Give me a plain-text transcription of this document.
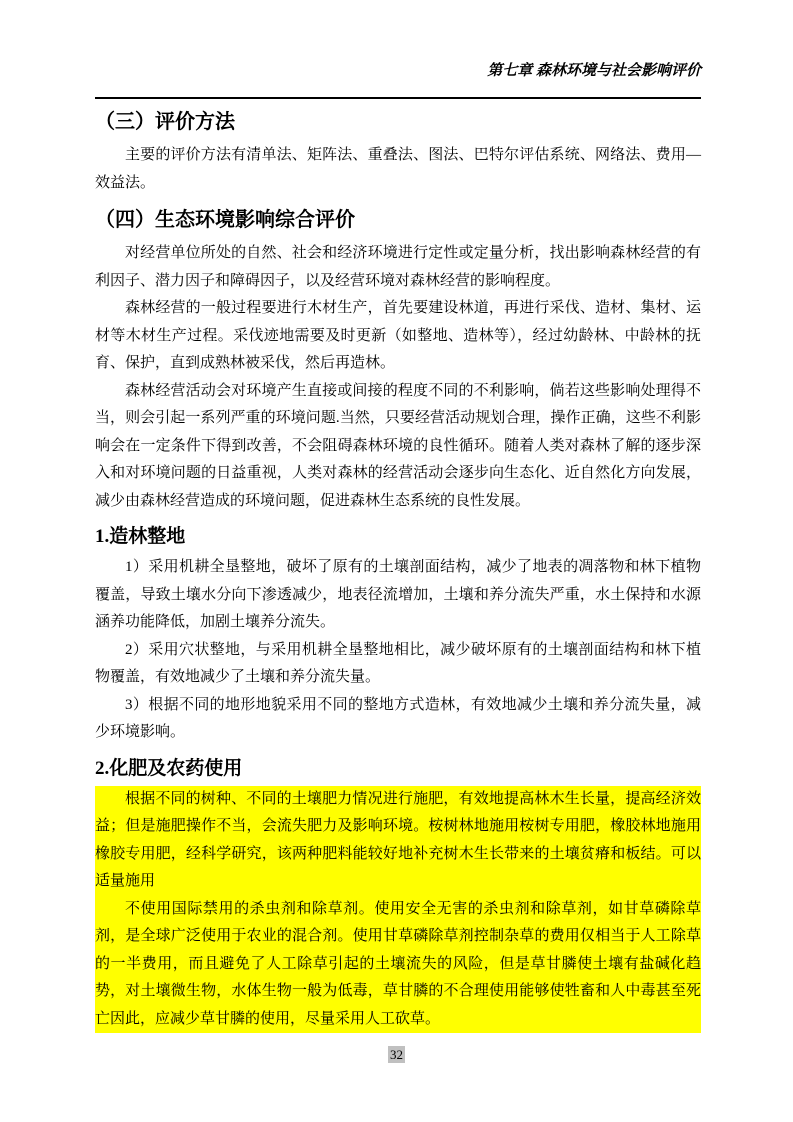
第七章 森林环境与社会影响评价
（三）评价方法

主要的评价方法有清单法、矩阵法、重叠法、图法、巴特尔评估系统、网络法、费用—效益法。

（四）生态环境影响综合评价

对经营单位所处的自然、社会和经济环境进行定性或定量分析，找出影响森林经营的有利因子、潜力因子和障碍因子，以及经营环境对森林经营的影响程度。

森林经营的一般过程要进行木材生产，首先要建设林道，再进行采伐、造材、集材、运材等木材生产过程。采伐迹地需要及时更新（如整地、造林等），经过幼龄林、中龄林的抚育、保护，直到成熟林被采伐，然后再造林。

森林经营活动会对环境产生直接或间接的程度不同的不利影响，倘若这些影响处理得不当，则会引起一系列严重的环境问题.当然，只要经营活动规划合理，操作正确，这些不利影响会在一定条件下得到改善，不会阻碍森林环境的良性循环。随着人类对森林了解的逐步深入和对环境问题的日益重视，人类对森林的经营活动会逐步向生态化、近自然化方向发展，减少由森林经营造成的环境问题，促进森林生态系统的良性发展。

1.造林整地

1）采用机耕全垦整地，破坏了原有的土壤剖面结构，减少了地表的凋落物和林下植物覆盖，导致土壤水分向下渗透减少，地表径流增加，土壤和养分流失严重，水土保持和水源涵养功能降低，加剧土壤养分流失。

2）采用穴状整地，与采用机耕全垦整地相比，减少破坏原有的土壤剖面结构和林下植物覆盖，有效地减少了土壤和养分流失量。

3）根据不同的地形地貌采用不同的整地方式造林，有效地减少土壤和养分流失量，减少环境影响。

2.化肥及农药使用

根据不同的树种、不同的土壤肥力情况进行施肥，有效地提高林木生长量，提高经济效益；但是施肥操作不当，会流失肥力及影响环境。桉树林地施用桉树专用肥，橡胶林地施用橡胶专用肥，经科学研究，该两种肥料能较好地补充树木生长带来的土壤贫瘠和板结。可以适量施用

不使用国际禁用的杀虫剂和除草剂。使用安全无害的杀虫剂和除草剂，如甘草磷除草剂，是全球广泛使用于农业的混合剂。使用甘草磷除草剂控制杂草的费用仅相当于人工除草的一半费用，而且避免了人工除草引起的土壤流失的风险，但是草甘膦使土壤有盐碱化趋势，对土壤微生物，水体生物一般为低毒，草甘膦的不合理使用能够使牲畜和人中毒甚至死亡因此，应减少草甘膦的使用，尽量采用人工砍草。

32
